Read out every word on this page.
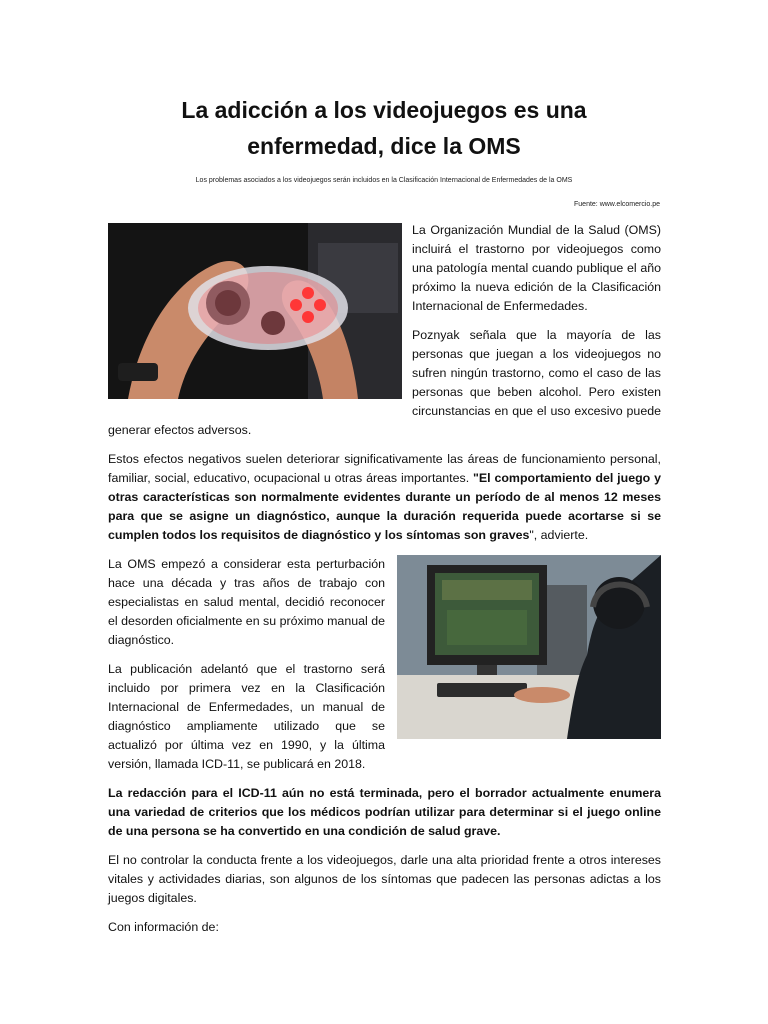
La adicción a los videojuegos es una enfermedad, dice la OMS

Los problemas asociados a los videojuegos serán incluidos en la Clasificación Internacional de Enfermedades de la OMS

Fuente: www.elcomercio.pe

La Organización Mundial de la Salud (OMS) incluirá el trastorno por videojuegos como una patología mental cuando publique el año próximo la nueva edición de la Clasificación Internacional de Enfermedades.

Poznyak señala que la mayoría de las personas que juegan a los videojuegos no sufren ningún trastorno, como el caso de las personas que beben alcohol. Pero existen circunstancias en que el uso excesivo puede generar efectos adversos.

Estos efectos negativos suelen deteriorar significativamente las áreas de funcionamiento personal, familiar, social, educativo, ocupacional u otras áreas importantes. "El comportamiento del juego y otras características son normalmente evidentes durante un período de al menos 12 meses para que se asigne un diagnóstico, aunque la duración requerida puede acortarse si se cumplen todos los requisitos de diagnóstico y los síntomas son graves", advierte.

La OMS empezó a considerar esta perturbación hace una década y tras años de trabajo con especialistas en salud mental, decidió reconocer el desorden oficialmente en su próximo manual de diagnóstico.

La publicación adelantó que el trastorno será incluido por primera vez en la Clasificación Internacional de Enfermedades, un manual de diagnóstico ampliamente utilizado que se actualizó por última vez en 1990, y la última versión, llamada ICD-11, se publicará en 2018.

La redacción para el ICD-11 aún no está terminada, pero el borrador actualmente enumera una variedad de criterios que los médicos podrían utilizar para determinar si el juego online de una persona se ha convertido en una condición de salud grave.

El no controlar la conducta frente a los videojuegos, darle una alta prioridad frente a otros intereses vitales y actividades diarias, son algunos de los síntomas que padecen las personas adictas a los juegos digitales.

Con información de:
